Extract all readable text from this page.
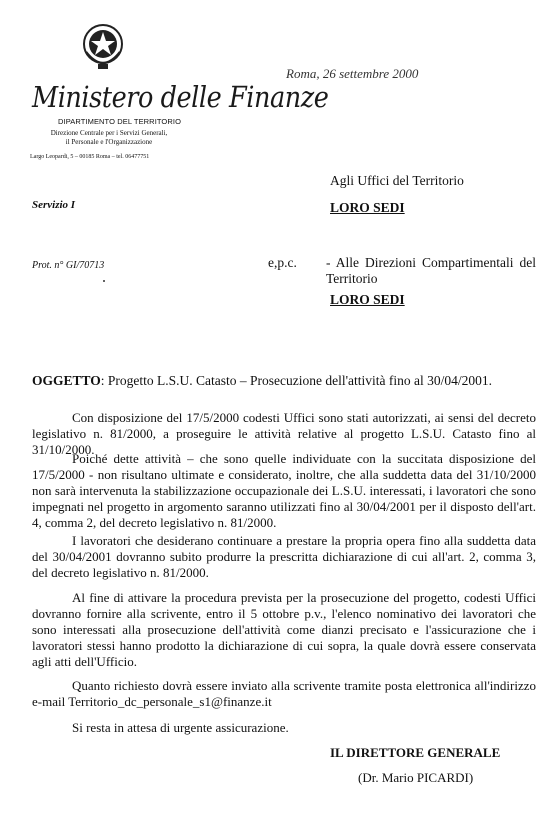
Ministero delle Finanze
DIPARTIMENTO DEL TERRITORIO
Direzione Centrale per i Servizi Generali,
il Personale e l'Organizzazione
Largo Leopardi, 5 – 00185 Roma – tel. 06477751
Roma, 26 settembre 2000
Agli Uffici del Territorio
LORO SEDI
Servizio I
Prot. n° GI/70713	e,p.c. - Alle Direzioni Compartimentali del
Territorio
LORO SEDI
OGGETTO: Progetto L.S.U. Catasto – Prosecuzione dell'attività fino al 30/04/2001.

Con disposizione del 17/5/2000 codesti Uffici sono stati autorizzati, ai sensi del decreto legislativo n. 81/2000, a proseguire le attività relative al progetto L.S.U. Catasto fino al 31/10/2000.

Poiché dette attività – che sono quelle individuate con la succitata disposizione del 17/5/2000 - non risultano ultimate e considerato, inoltre, che alla suddetta data del 31/10/2000 non sarà intervenuta la stabilizzazione occupazionale dei L.S.U. interessati, i lavoratori che sono impegnati nel progetto in argomento saranno utilizzati fino al 30/04/2001 per il disposto dell'art. 4, comma 2, del decreto legislativo n. 81/2000.

I lavoratori che desiderano continuare a prestare la propria opera fino alla suddetta data del 30/04/2001 dovranno subito produrre la prescritta dichiarazione di cui all'art. 2, comma 3, del decreto legislativo n. 81/2000.

Al fine di attivare la procedura prevista per la prosecuzione del progetto, codesti Uffici dovranno fornire alla scrivente, entro il 5 ottobre p.v., l'elenco nominativo dei lavoratori che sono interessati alla prosecuzione dell'attività come dianzi precisato e l'assicurazione che i lavoratori stessi hanno prodotto la dichiarazione di cui sopra, la quale dovrà essere conservata agli atti dell'Ufficio.

Quanto richiesto dovrà essere inviato alla scrivente tramite posta elettronica all'indirizzo e-mail Territorio_dc_personale_s1@finanze.it

Si resta in attesa di urgente assicurazione.

IL DIRETTORE GENERALE
(Dr. Mario PICARDI)
